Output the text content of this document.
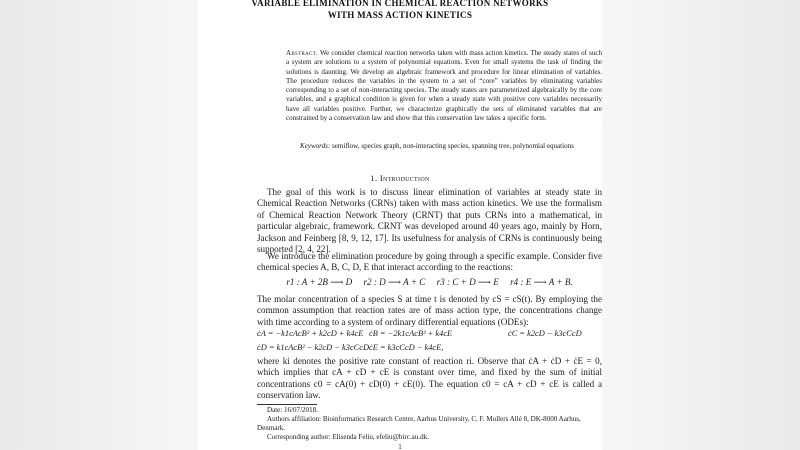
VARIABLE ELIMINATION IN CHEMICAL REACTION NETWORKS
WITH MASS ACTION KINETICS
Abstract. We consider chemical reaction networks taken with mass action kinetics. The steady states of such a system are solutions to a system of polynomial equations. Even for small systems the task of finding the solutions is daunting. We develop an algebraic framework and procedure for linear elimination of variables. The procedure reduces the variables in the system to a set of “core” variables by eliminating variables corresponding to a set of non-interacting species. The steady states are parameterized algebraically by the core variables, and a graphical condition is given for when a steady state with positive core variables necessarily have all variables positive. Further, we characterize graphically the sets of eliminated variables that are constrained by a conservation law and show that this conservation law takes a specific form.
Keywords: semiflow, species graph, non-interacting species, spanning tree, polynomial equations
1. Introduction
The goal of this work is to discuss linear elimination of variables at steady state in Chemical Reaction Networks (CRNs) taken with mass action kinetics. We use the formalism of Chemical Reaction Network Theory (CRNT) that puts CRNs into a mathematical, in particular algebraic, framework. CRNT was developed around 40 years ago, mainly by Horn, Jackson and Feinberg [8, 9, 12, 17]. Its usefulness for analysis of CRNs is continuously being supported [2, 4, 22].
We introduce the elimination procedure by going through a specific example. Consider five chemical species A, B, C, D, E that interact according to the reactions:
r1 : A + 2B ⟶ D     r2 : D ⟶ A + C     r3 : C + D ⟶ E     r4 : E ⟶ A + B.
The molar concentration of a species S at time t is denoted by cS = cS(t). By employing the common assumption that reaction rates are of mass action type, the concentrations change with time according to a system of ordinary differential equations (ODEs):
ċA = −k1cAcB² + k2cD + k4cE ċB = −2k1cAcB² + k4cE	ċC = k2cD − k3cCcD
ċD = k1cAcB² − k2cD − k3cCcD ċE = k3cCcD − k4cE,
where ki denotes the positive rate constant of reaction ri. Observe that ċA + ċD + ċE = 0, which implies that cA + cD + cE is constant over time, and fixed by the sum of initial concentrations c0 = cA(0) + cD(0) + cE(0). The equation c0 = cA + cD + cE is called a conservation law.
Date: 16/07/2018.
Authors affiliation: Bioinformatics Research Centre, Aarhus University, C. F. Mollers Allé 8, DK-8000 Aarhus, Denmark.
Corresponding author: Elisenda Feliu, efeliu@birc.au.dk.
1
